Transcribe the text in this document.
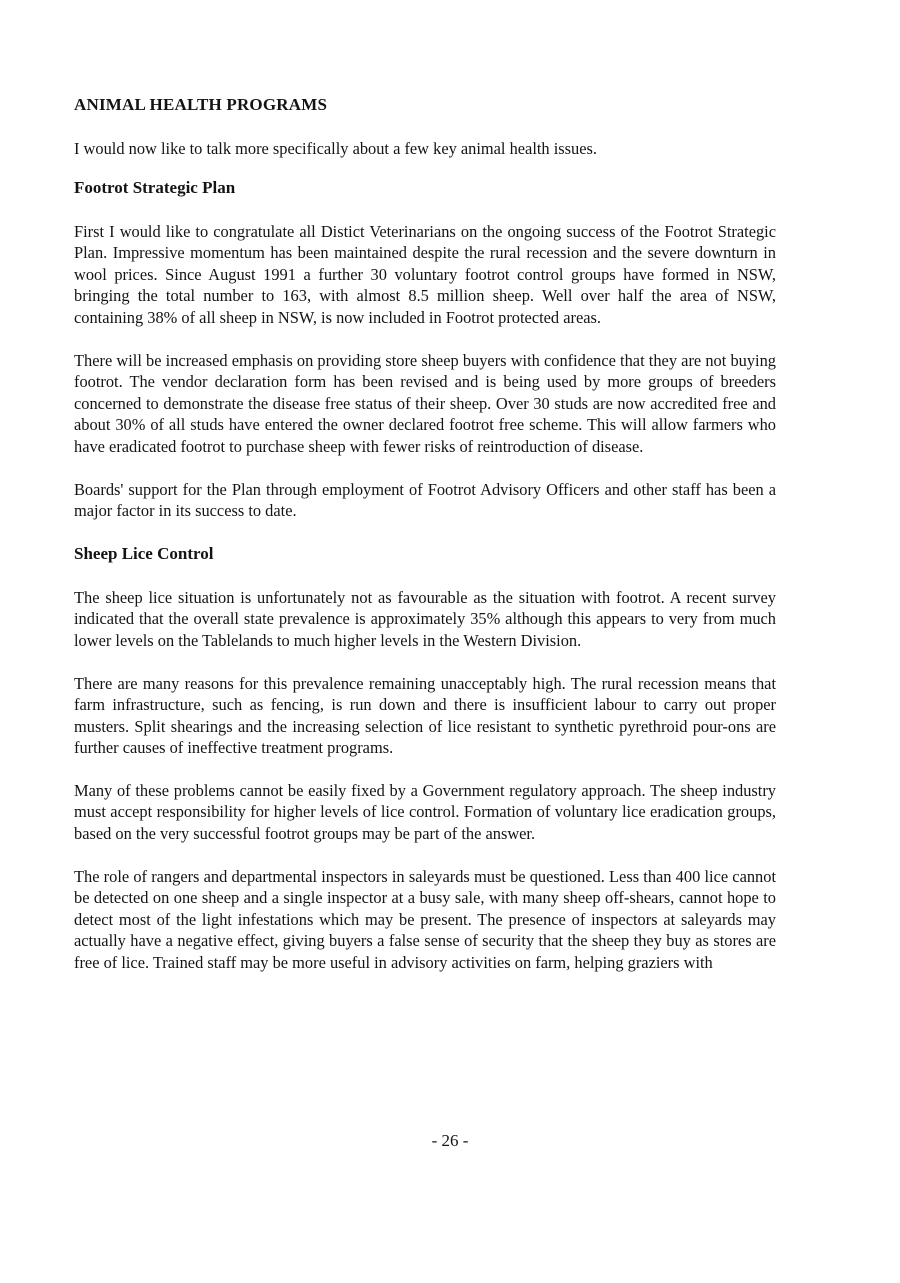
ANIMAL HEALTH PROGRAMS

I would now like to talk more specifically about a few key animal health issues.

Footrot Strategic Plan

First I would like to congratulate all Distict Veterinarians on the ongoing success of the Footrot Strategic Plan. Impressive momentum has been maintained despite the rural recession and the severe downturn in wool prices. Since August 1991 a further 30 voluntary footrot control groups have formed in NSW, bringing the total number to 163, with almost 8.5 million sheep. Well over half the area of NSW, containing 38% of all sheep in NSW, is now included in Footrot protected areas.

There will be increased emphasis on providing store sheep buyers with confidence that they are not buying footrot. The vendor declaration form has been revised and is being used by more groups of breeders concerned to demonstrate the disease free status of their sheep. Over 30 studs are now accredited free and about 30% of all studs have entered the owner declared footrot free scheme. This will allow farmers who have eradicated footrot to purchase sheep with fewer risks of reintroduction of disease.

Boards' support for the Plan through employment of Footrot Advisory Officers and other staff has been a major factor in its success to date.

Sheep Lice Control

The sheep lice situation is unfortunately not as favourable as the situation with footrot. A recent survey indicated that the overall state prevalence is approximately 35% although this appears to very from much lower levels on the Tablelands to much higher levels in the Western Division.

There are many reasons for this prevalence remaining unacceptably high. The rural recession means that farm infrastructure, such as fencing, is run down and there is insufficient labour to carry out proper musters. Split shearings and the increasing selection of lice resistant to synthetic pyrethroid pour-ons are further causes of ineffective treatment programs.

Many of these problems cannot be easily fixed by a Government regulatory approach. The sheep industry must accept responsibility for higher levels of lice control. Formation of voluntary lice eradication groups, based on the very successful footrot groups may be part of the answer.

The role of rangers and departmental inspectors in saleyards must be questioned. Less than 400 lice cannot be detected on one sheep and a single inspector at a busy sale, with many sheep off-shears, cannot hope to detect most of the light infestations which may be present. The presence of inspectors at saleyards may actually have a negative effect, giving buyers a false sense of security that the sheep they buy as stores are free of lice. Trained staff may be more useful in advisory activities on farm, helping graziers with

- 26 -
